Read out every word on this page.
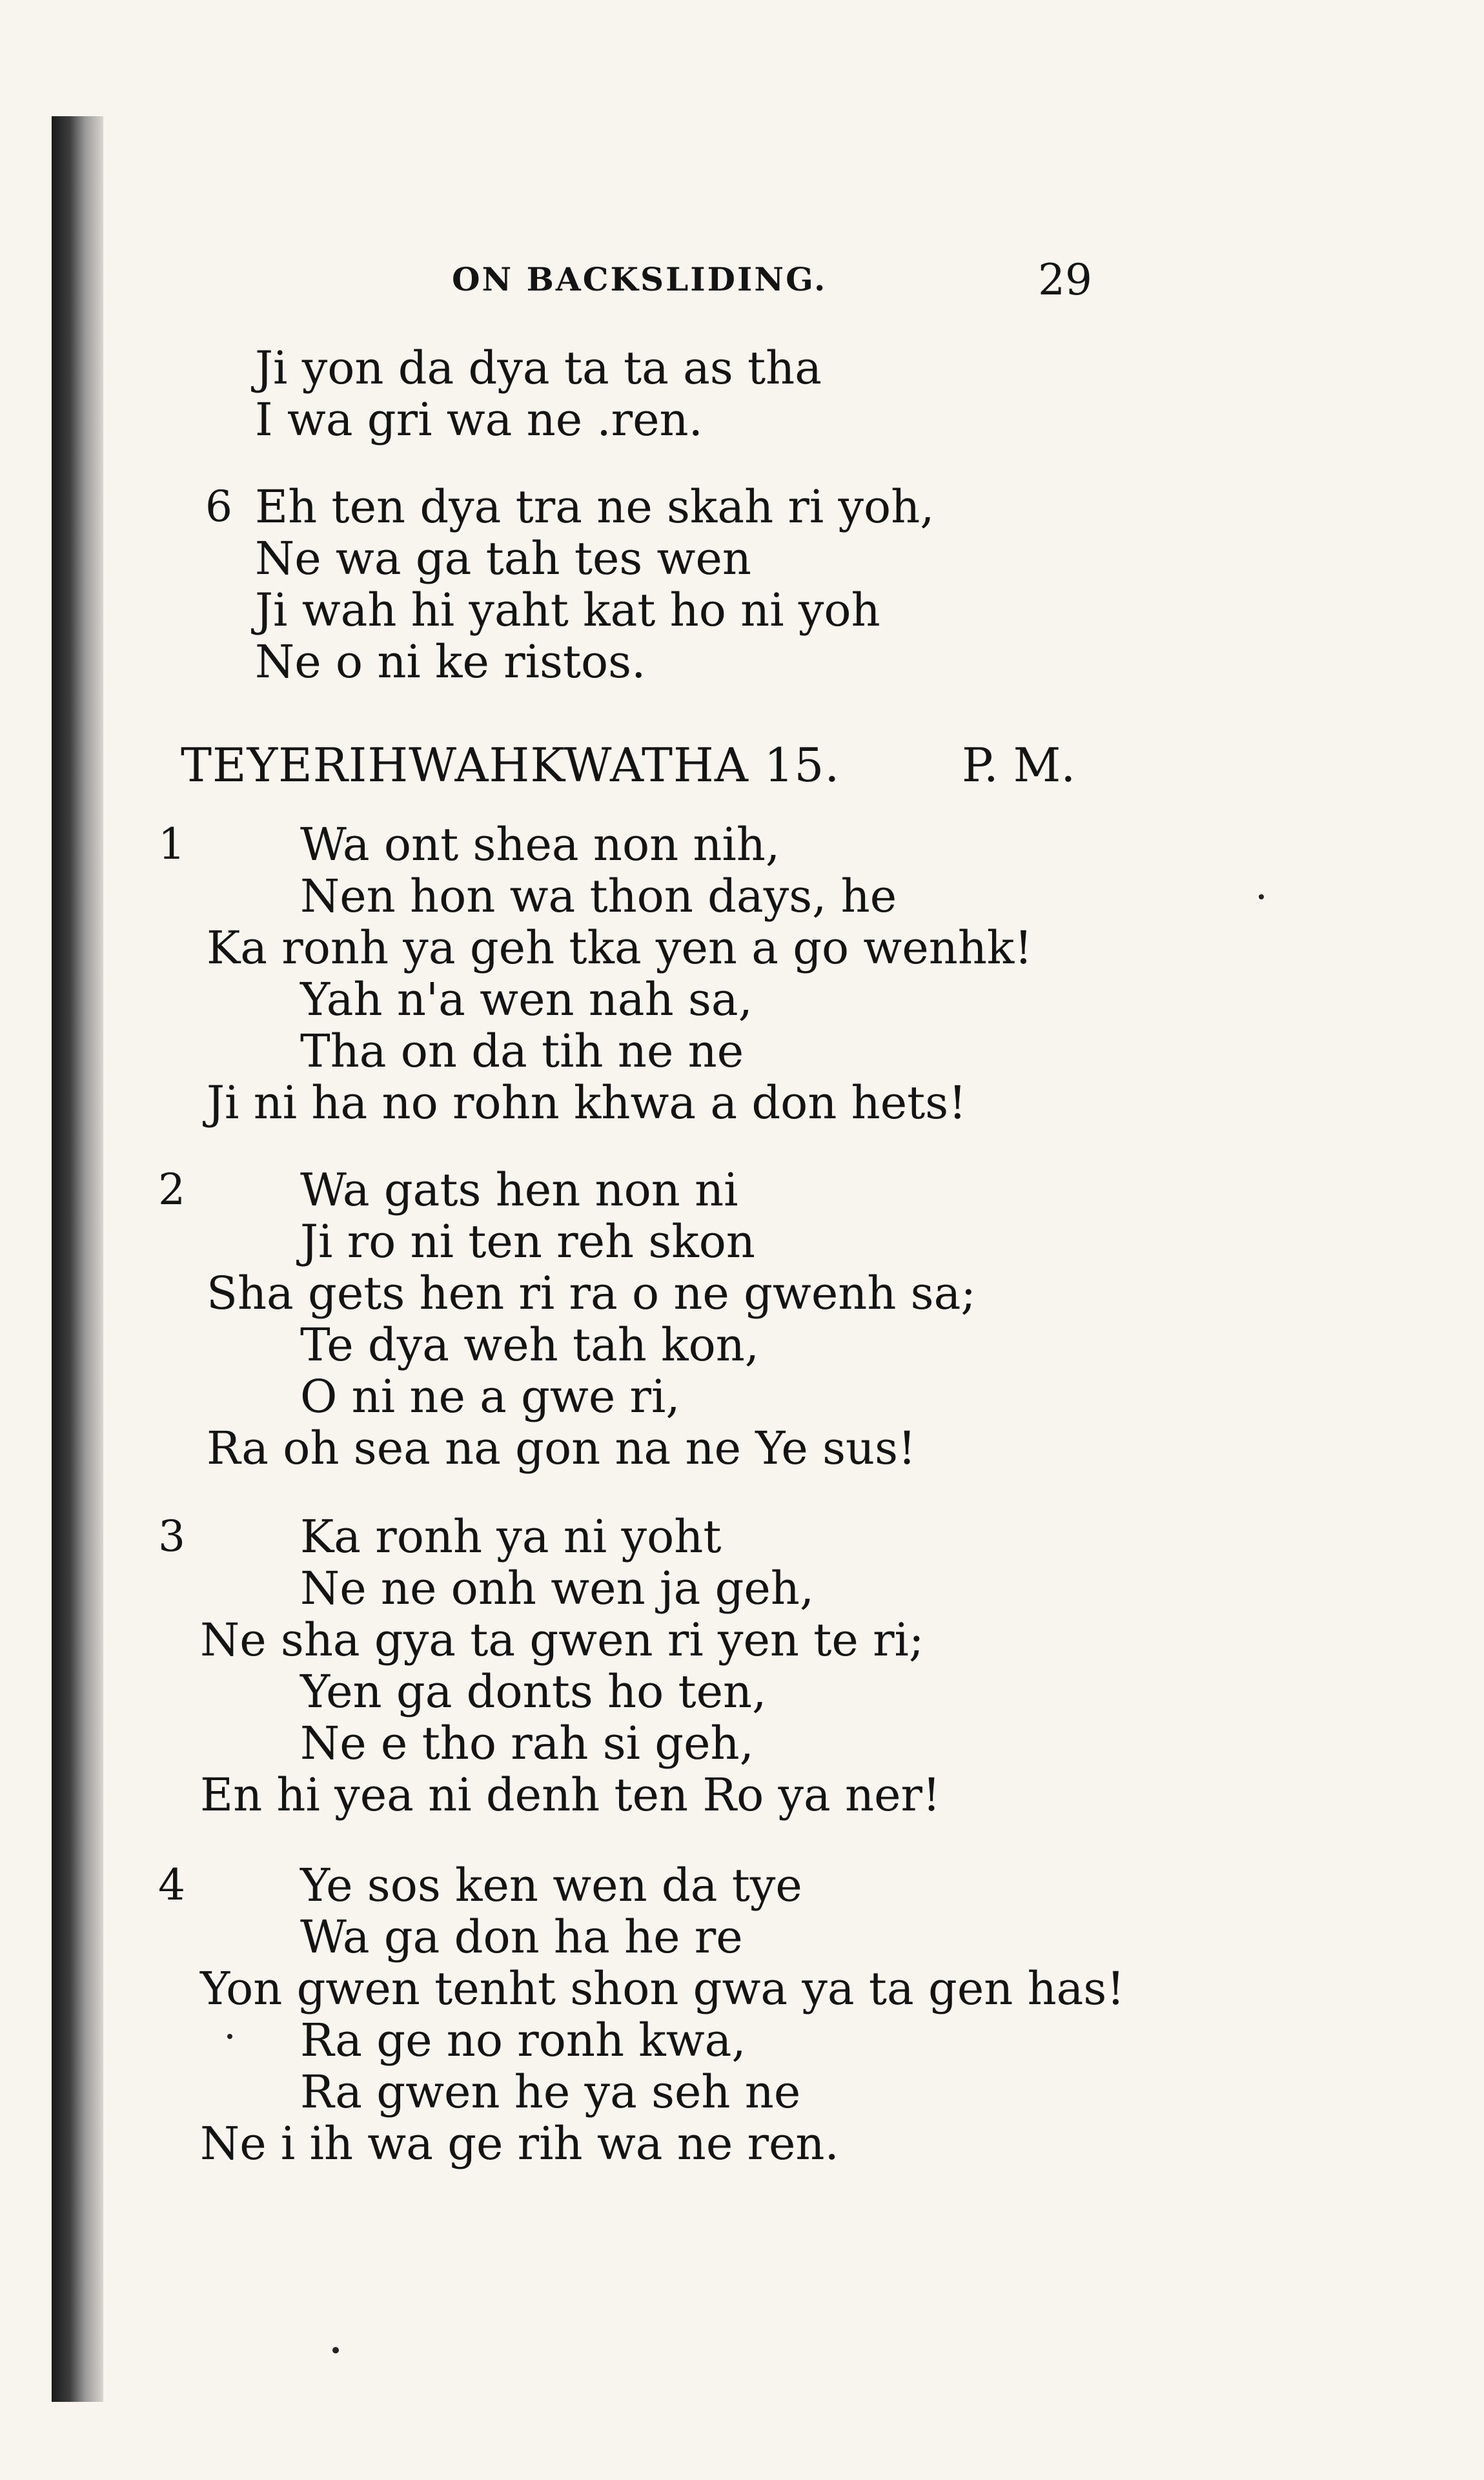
ON BACKSLIDING.	29
Ji yon da dya ta ta as tha
I wa gri wa ne .ren.
6 Eh ten dya tra ne skah ri yoh,
Ne wa ga tah tes wen
Ji wah hi yaht kat ho ni yoh
Ne o ni ke ristos.
TEYERIHWAHKWATHA 15.	P. M.
1	Wa ont shea non nih,
Nen hon wa thon days, he
Ka ronh ya geh tka yen a go wenhk!
Yah n'a wen nah sa,
Tha on da tih ne ne
Ji ni ha no rohn khwa a don hets!
2	Wa gats hen non ni
Ji ro ni ten reh skon
Sha gets hen ri ra o ne gwenh sa;
Te dya weh tah kon,
O ni ne a gwe ri,
Ra oh sea na gon na ne Ye sus!
3	Ka ronh ya ni yoht
Ne ne onh wen ja geh,
Ne sha gya ta gwen ri yen te ri;
Yen ga donts ho ten,
Ne e tho rah si geh,
En hi yea ni denh ten Ro ya ner!
4	Ye sos ken wen da tye
Wa ga don ha he re
Yon gwen tenht shon gwa ya ta gen has!
Ra ge no ronh kwa,
Ra gwen he ya seh ne
Ne i ih wa ge rih wa ne ren.
